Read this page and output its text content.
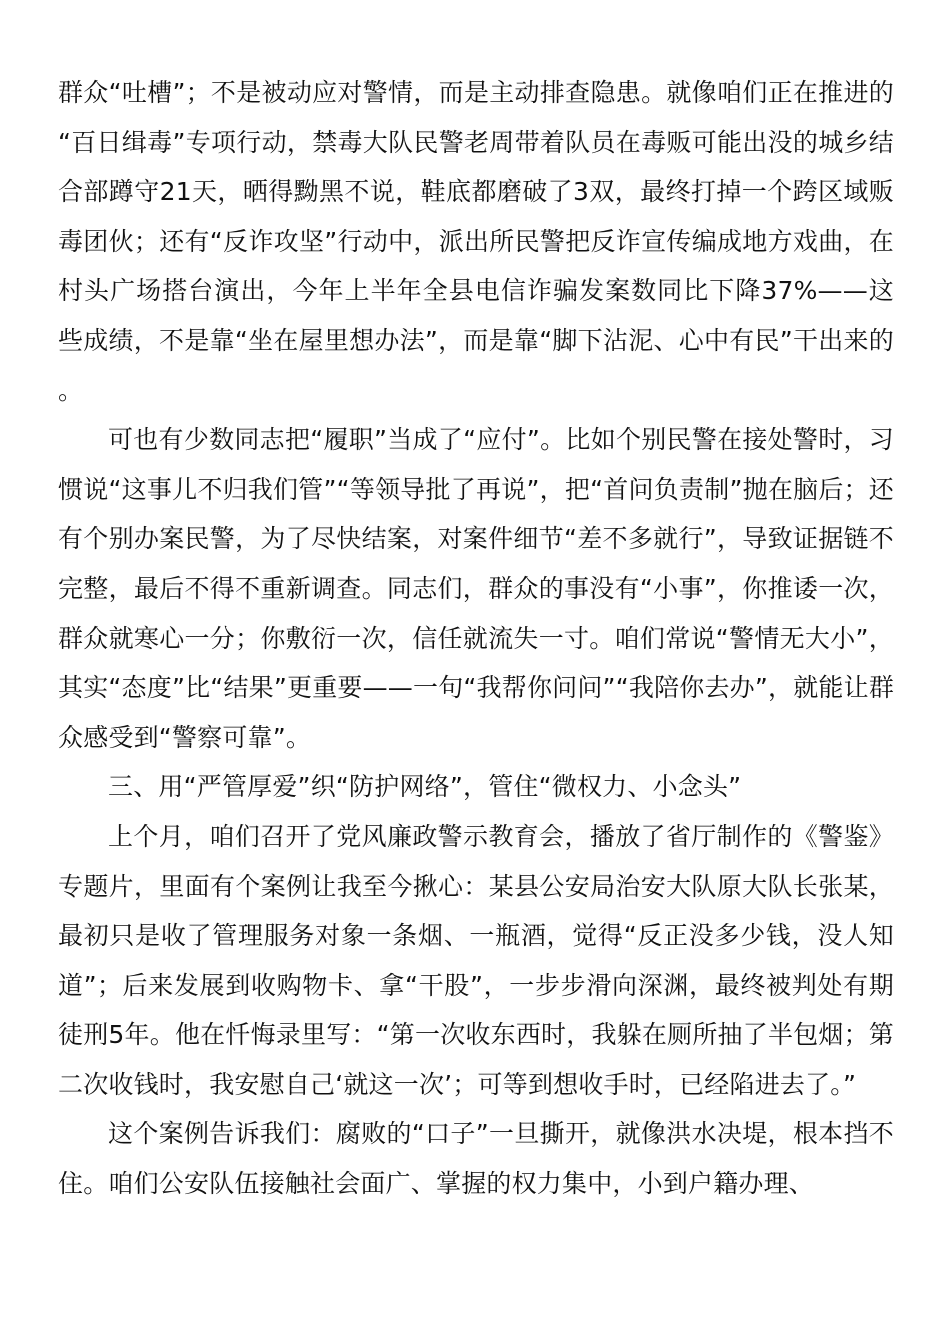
群众“吐槽”；不是被动应对警情，而是主动排查隐患。就像咱们正在推进的“百日缉毒”专项行动，禁毒大队民警老周带着队员在毒贩可能出没的城乡结合部蹲守21天，晒得黝黑不说，鞋底都磨破了3双，最终打掉一个跨区域贩毒团伙；还有“反诈攻坚”行动中，派出所民警把反诈宣传编成地方戏曲，在村头广场搭台演出，今年上半年全县电信诈骗发案数同比下降37%——这些成绩，不是靠“坐在屋里想办法”，而是靠“脚下沾泥、心中有民”干出来的。

可也有少数同志把“履职”当成了“应付”。比如个别民警在接处警时，习惯说“这事儿不归我们管”“等领导批了再说”，把“首问负责制”抛在脑后；还有个别办案民警，为了尽快结案，对案件细节“差不多就行”，导致证据链不完整，最后不得不重新调查。同志们，群众的事没有“小事”，你推诿一次，群众就寒心一分；你敷衍一次，信任就流失一寸。咱们常说“警情无大小”，其实“态度”比“结果”更重要——一句“我帮你问问”“我陪你去办”，就能让群众感受到“警察可靠”。

三、用“严管厚爱”织“防护网络”，管住“微权力、小念头”

上个月，咱们召开了党风廉政警示教育会，播放了省厅制作的《警鉴》专题片，里面有个案例让我至今揪心：某县公安局治安大队原大队长张某，最初只是收了管理服务对象一条烟、一瓶酒，觉得“反正没多少钱，没人知道”；后来发展到收购物卡、拿“干股”，一步步滑向深渊，最终被判处有期徒刑5年。他在忏悔录里写：“第一次收东西时，我躲在厕所抽了半包烟；第二次收钱时，我安慰自己‘就这一次’；可等到想收手时，已经陷进去了。”

这个案例告诉我们：腐败的“口子”一旦撕开，就像洪水决堤，根本挡不住。咱们公安队伍接触社会面广、掌握的权力集中，小到户籍办理、
